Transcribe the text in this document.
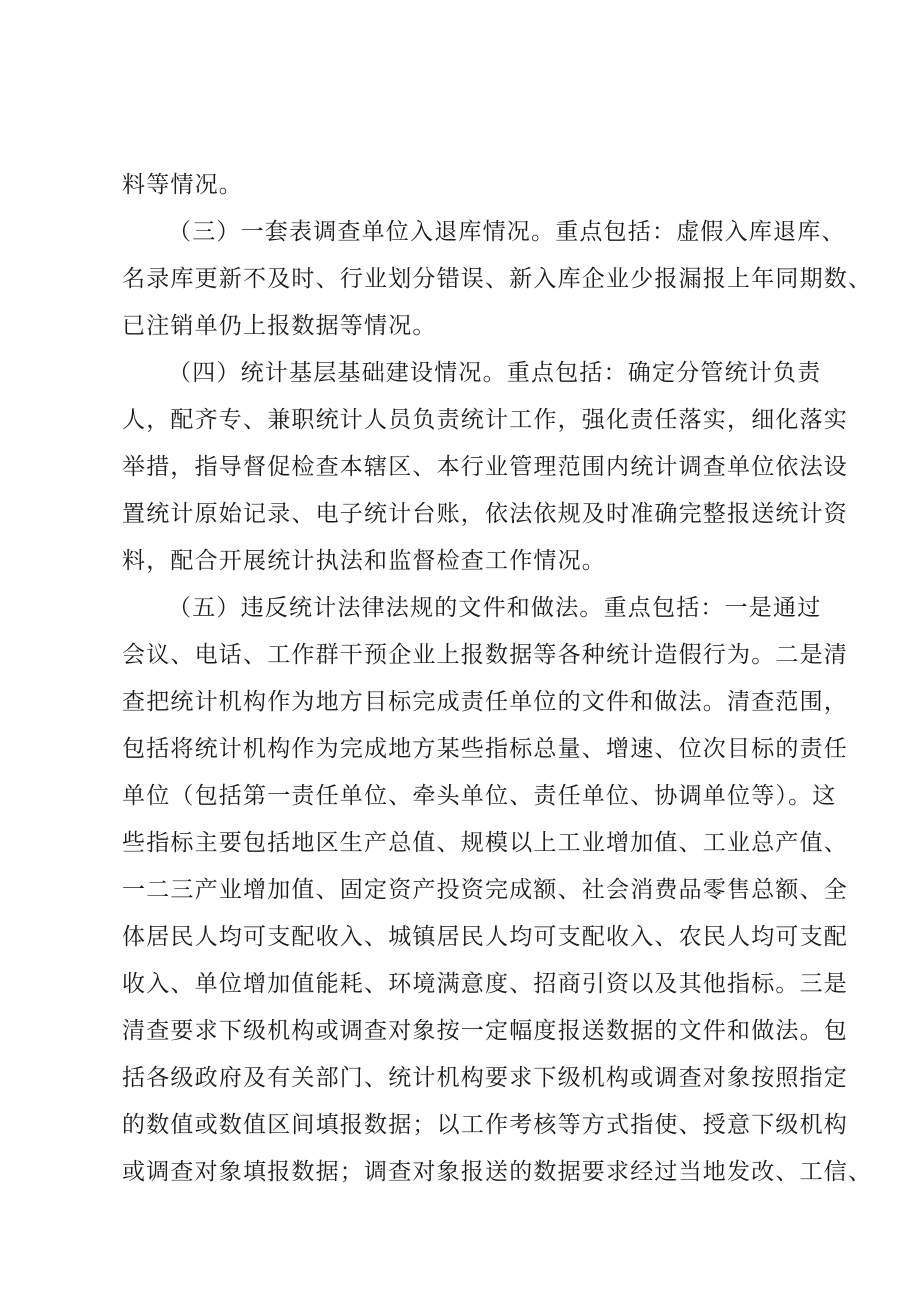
料等情况。
（三）一套表调查单位入退库情况。重点包括：虚假入库退库、
名录库更新不及时、行业划分错误、新入库企业少报漏报上年同期数、
已注销单仍上报数据等情况。
（四）统计基层基础建设情况。重点包括：确定分管统计负责
人，配齐专、兼职统计人员负责统计工作，强化责任落实，细化落实
举措，指导督促检查本辖区、本行业管理范围内统计调查单位依法设
置统计原始记录、电子统计台账，依法依规及时准确完整报送统计资
料，配合开展统计执法和监督检查工作情况。
（五）违反统计法律法规的文件和做法。重点包括：一是通过
会议、电话、工作群干预企业上报数据等各种统计造假行为。二是清
查把统计机构作为地方目标完成责任单位的文件和做法。清查范围，
包括将统计机构作为完成地方某些指标总量、增速、位次目标的责任
单位（包括第一责任单位、牵头单位、责任单位、协调单位等）。这
些指标主要包括地区生产总值、规模以上工业增加值、工业总产值、
一二三产业增加值、固定资产投资完成额、社会消费品零售总额、全
体居民人均可支配收入、城镇居民人均可支配收入、农民人均可支配
收入、单位增加值能耗、环境满意度、招商引资以及其他指标。三是
清查要求下级机构或调查对象按一定幅度报送数据的文件和做法。包
括各级政府及有关部门、统计机构要求下级机构或调查对象按照指定
的数值或数值区间填报数据；以工作考核等方式指使、授意下级机构
或调查对象填报数据；调查对象报送的数据要求经过当地发改、工信、
